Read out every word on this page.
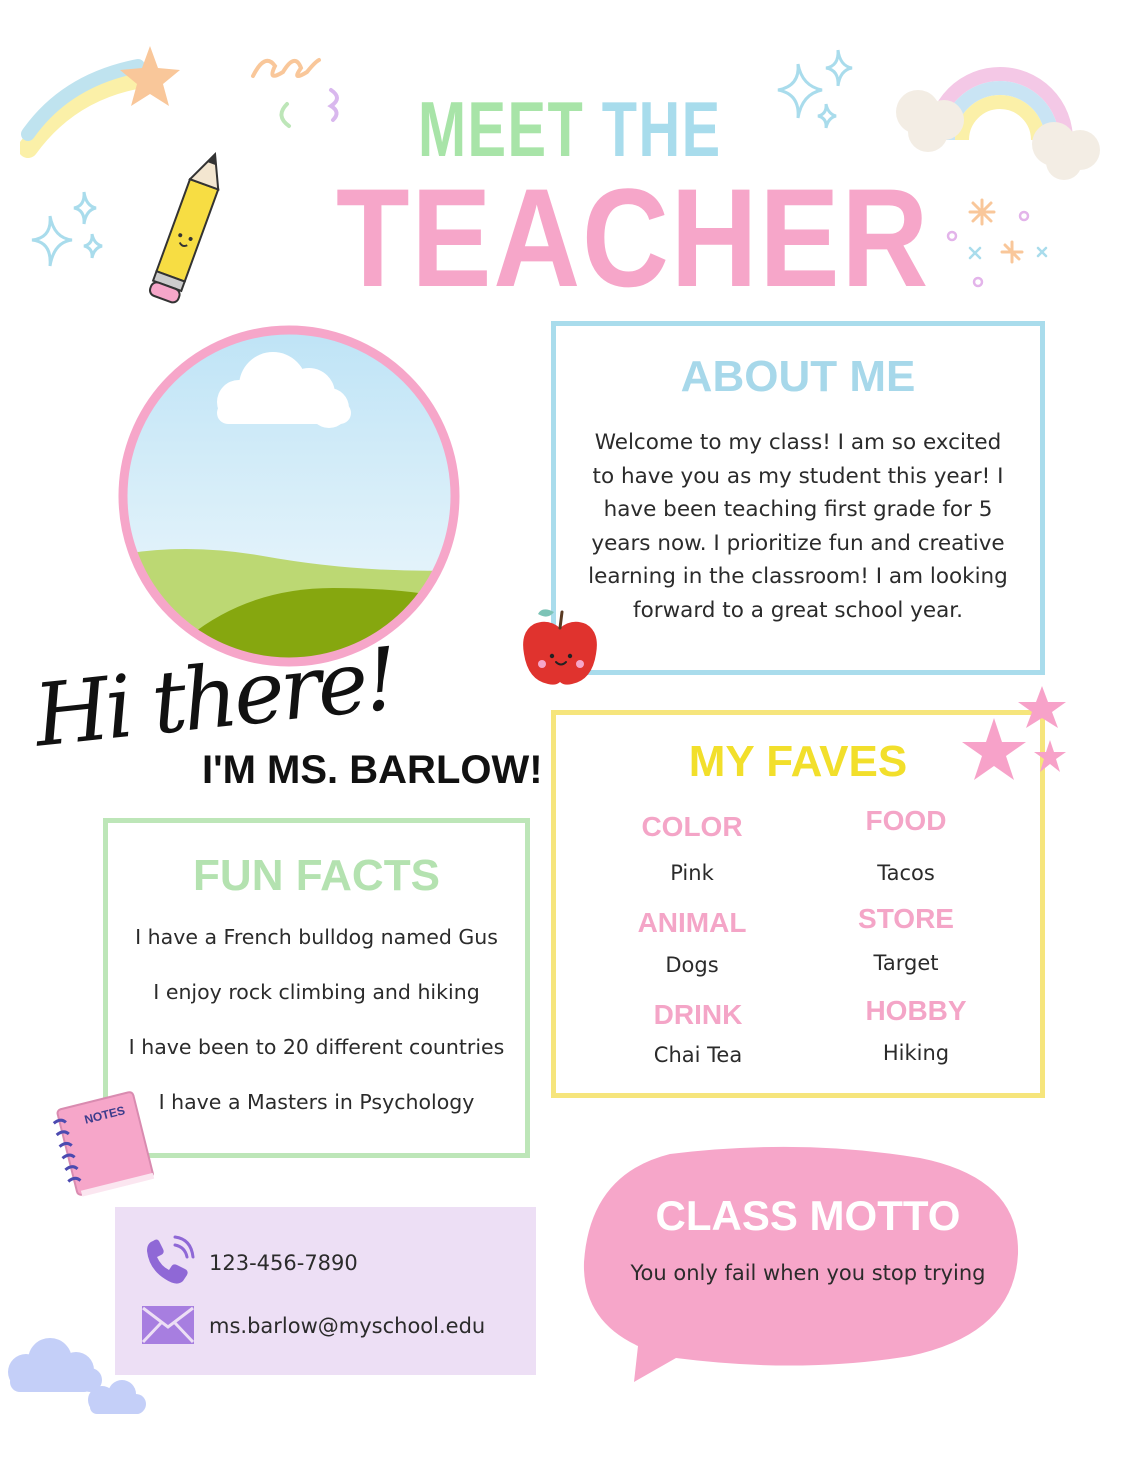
MEET THE
TEACHER
ABOUT ME
Welcome to my class! I am so excited
to have you as my student this year! I
have been teaching first grade for 5
years now. I prioritize fun and creative
learning in the classroom! I am looking
forward to a great school year.
Hi there!
I'M MS. BARLOW!	MY FAVES
COLOR
Pink
FOOD
Tacos
ANIMAL
Dogs
STORE
Target
DRINK
Chai Tea
HOBBY
Hiking
FUN FACTS
I have a French bulldog named Gus
I enjoy rock climbing and hiking
I have been to 20 different countries
I have a Masters in Psychology
NOTES
123-456-7890
ms.barlow@myschool.edu
CLASS MOTTO
You only fail when you stop trying
